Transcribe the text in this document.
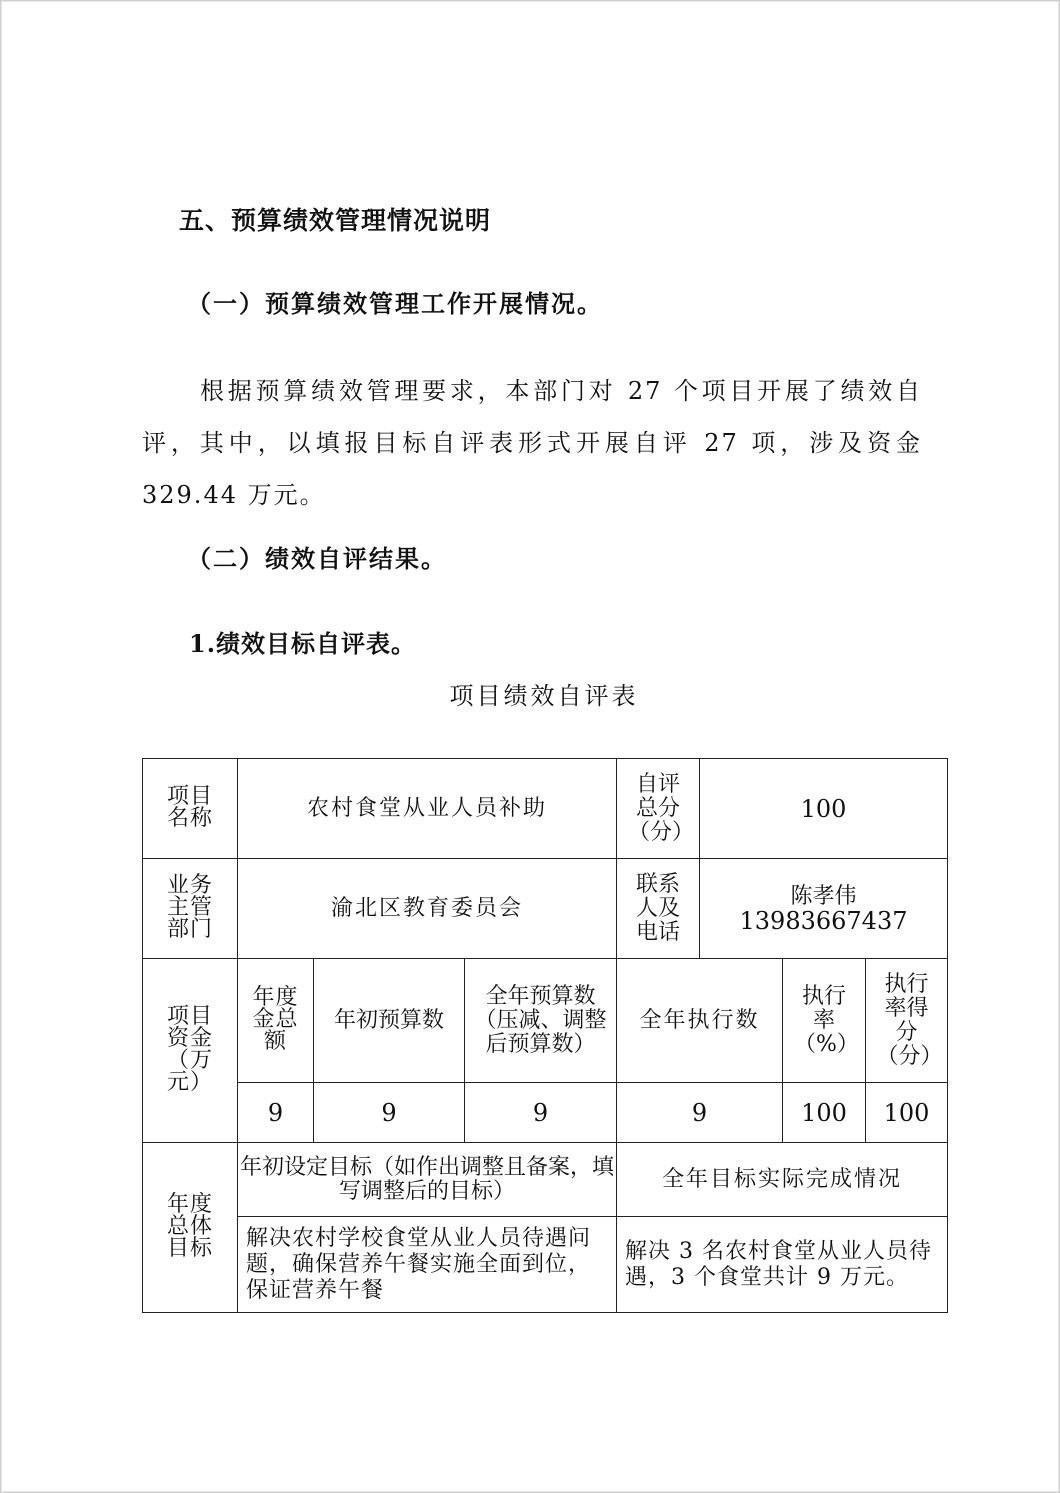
五、预算绩效管理情况说明
（一）预算绩效管理工作开展情况。
根据预算绩效管理要求，本部门对 27 个项目开展了绩效自评，其中，以填报目标自评表形式开展自评 27 项，涉及资金 329.44 万元。
（二）绩效自评结果。
1.绩效目标自评表。
项目绩效自评表
项目名称	农村食堂从业人员补助			自评总分（分）	100		
业务主管部门	渝北区教育委员会			联系人及电话	陈孝伟
13983667437		

项目资金（万元）	年度金总额	年初预算数	全年预算数（压减、调整后预算数）	全年执行数		执行率（%）	执行率得分（分）
	9	9	9	9		100	100
年度总体目标	年初设定目标（如作出调整且备案，填写调整后的目标）			全年目标实际完成情况			
	解决农村学校食堂从业人员待遇问题，确保营养午餐实施全面到位，保证营养午餐			解决 3 名农村食堂从业人员待遇，3 个食堂共计 9 万元。			
